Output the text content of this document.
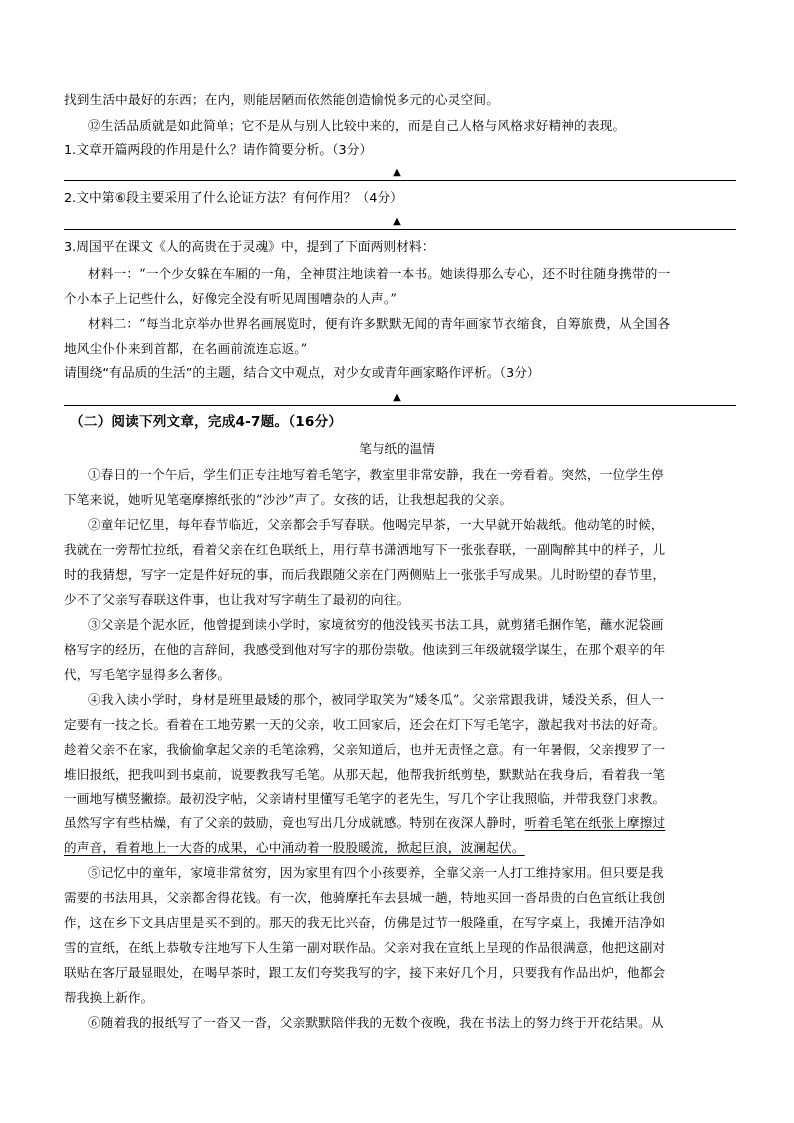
找到生活中最好的东西；在内，则能居陋而依然能创造愉悦多元的心灵空间。
⑫生活品质就是如此简单；它不是从与别人比较中来的，而是自己人格与风格求好精神的表现。
1.文章开篇两段的作用是什么？请作简要分析。（3分）
▲
2.文中第⑥段主要采用了什么论证方法？有何作用？（4分）
▲
3.周国平在课文《人的高贵在于灵魂》中，提到了下面两则材料：
材料一：“一个少女躲在车厢的一角，全神贯注地读着一本书。她读得那么专心，还不时往随身携带的一
个小本子上记些什么，好像完全没有听见周围嘈杂的人声。”
材料二：“每当北京举办世界名画展览时，便有许多默默无闻的青年画家节衣缩食，自筹旅费，从全国各
地风尘仆仆来到首都，在名画前流连忘返。”
请围绕“有品质的生活”的主题，结合文中观点，对少女或青年画家略作评析。（3分）
▲
（二）阅读下列文章，完成4-7题。（16分）
笔与纸的温情
①春日的一个午后，学生们正专注地写着毛笔字，教室里非常安静，我在一旁看着。突然，一位学生停
下笔来说，她听见笔毫摩擦纸张的“沙沙”声了。女孩的话，让我想起我的父亲。
②童年记忆里，每年春节临近，父亲都会手写春联。他喝完早茶，一大早就开始裁纸。他动笔的时候，
我就在一旁帮忙拉纸，看着父亲在红色联纸上，用行草书潇洒地写下一张张春联，一副陶醉其中的样子，儿
时的我猜想，写字一定是件好玩的事，而后我跟随父亲在门两侧贴上一张张手写成果。儿时盼望的春节里，
少不了父亲写春联这件事，也让我对写字萌生了最初的向往。
③父亲是个泥水匠，他曾提到读小学时，家境贫穷的他没钱买书法工具，就剪猪毛捆作笔，蘸水泥袋画
格写字的经历，在他的言辞间，我感受到他对写字的那份崇敬。他读到三年级就辍学谋生，在那个艰辛的年
代，写毛笔字显得多么奢侈。
④我入读小学时，身材是班里最矮的那个，被同学取笑为“矮冬瓜”。父亲常跟我讲，矮没关系，但人一
定要有一技之长。看着在工地劳累一天的父亲，收工回家后，还会在灯下写毛笔字，激起我对书法的好奇。
趁着父亲不在家，我偷偷拿起父亲的毛笔涂鸦，父亲知道后，也并无责怪之意。有一年暑假，父亲搜罗了一
堆旧报纸，把我叫到书桌前，说要教我写毛笔。从那天起，他帮我折纸剪垫，默默站在我身后，看着我一笔
一画地写横竖撇捺。最初没字帖，父亲请村里懂写毛笔字的老先生，写几个字让我照临，并带我登门求教。
虽然写字有些枯燥，有了父亲的鼓励，竟也写出几分成就感。特别在夜深人静时，听着毛笔在纸张上摩擦过
的声音，看着地上一大沓的成果，心中涌动着一股股暖流，掀起巨浪，波澜起伏。
⑤记忆中的童年，家境非常贫穷，因为家里有四个小孩要养，全靠父亲一人打工维持家用。但只要是我
需要的书法用具，父亲都舍得花钱。有一次，他骑摩托车去县城一趟，特地买回一沓昂贵的白色宣纸让我创
作，这在乡下文具店里是买不到的。那天的我无比兴奋，仿佛是过节一般隆重，在写字桌上，我摊开洁净如
雪的宣纸，在纸上恭敬专注地写下人生第一副对联作品。父亲对我在宣纸上呈现的作品很满意，他把这副对
联贴在客厅最显眼处，在喝早茶时，跟工友们夸奖我写的字，接下来好几个月，只要我有作品出炉，他都会
帮我换上新作。
⑥随着我的报纸写了一沓又一沓，父亲默默陪伴我的无数个夜晚，我在书法上的努力终于开花结果。从
